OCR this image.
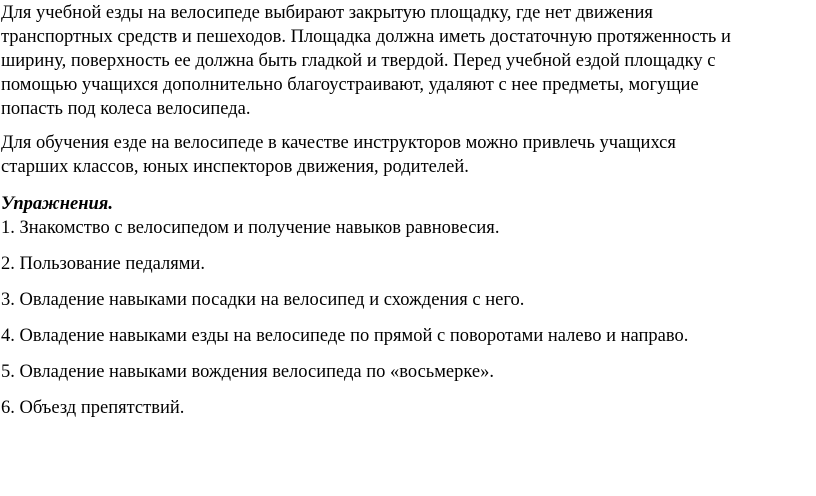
Для учебной езды на велосипеде выбирают закрытую площадку, где нет движения
транспортных средств и пешеходов. Площадка должна иметь достаточную протяженность и
ширину, поверхность ее должна быть гладкой и твердой. Перед учебной ездой площадку с
помощью учащихся дополнительно благоустраивают, удаляют с нее предметы, могущие
попасть под колеса велосипеда.

Для обучения езде на велосипеде в качестве инструкторов можно привлечь учащихся
старших классов, юных инспекторов движения, родителей.

Упражнения.
1. Знакомство с велосипедом и получение навыков равновесия.
2. Пользование педалями.
3. Овладение навыками посадки на велосипед и схождения с него.
4. Овладение навыками езды на велосипеде по прямой с поворотами налево и направо.
5. Овладение навыками вождения велосипеда по «восьмерке».
6. Объезд препятствий.
